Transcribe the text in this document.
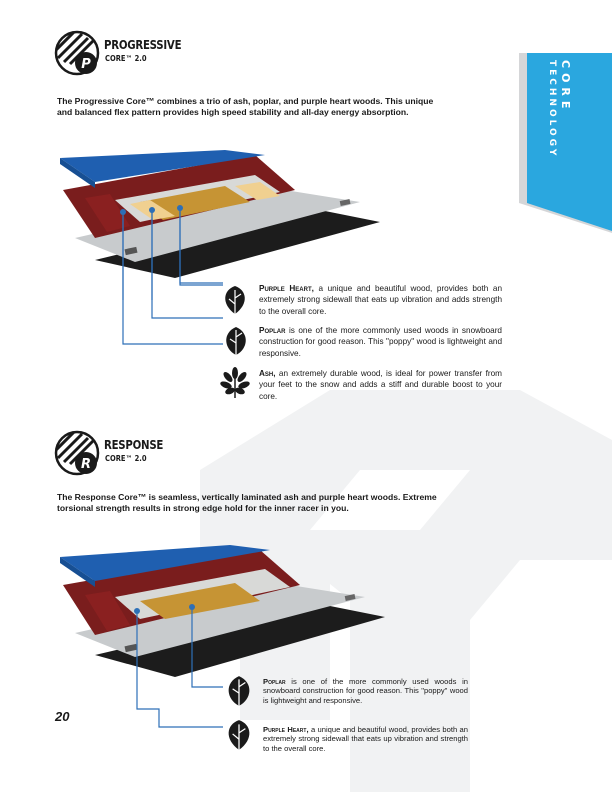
CORE
TECHNOLOGY
P
PROGRESSIVE
CORE™ 2.0
The Progressive Core™ combines a trio of ash, poplar, and purple heart woods. This unique and balanced flex pattern provides high speed stability and all-day energy absorption.
Purple Heart, a unique and beautiful wood, provides both an extremely strong sidewall that eats up vibration and adds strength to the overall core.
Poplar is one of the more commonly used woods in snowboard construction for good reason. This "poppy" wood is lightweight and responsive.
Ash, an extremely durable wood, is ideal for power transfer from your feet to the snow and adds a stiff and durable boost to your core.
R
RESPONSE
CORE™ 2.0
The Response Core™ is seamless, vertically laminated ash and purple heart woods. Extreme torsional strength results in strong edge hold for the inner racer in you.
Poplar is one of the more commonly used woods in snowboard construction for good reason. This "poppy" wood is lightweight and responsive.
Purple Heart, a unique and beautiful wood, provides both an extremely strong sidewall that eats up vibration and strength to the overall core.
20
